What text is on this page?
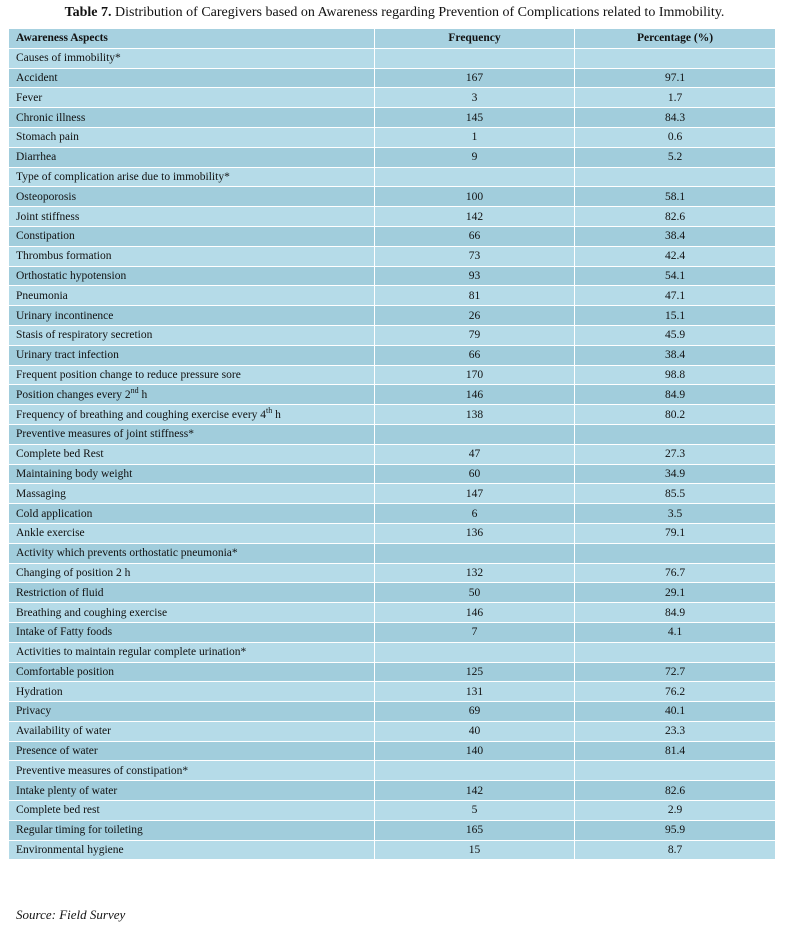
Table 7. Distribution of Caregivers based on Awareness regarding Prevention of Complications related to Immobility.
Awareness Aspects	Frequency	Percentage (%)
Causes of immobility*		
Accident	167	97.1
Fever	3	1.7
Chronic illness	145	84.3
Stomach pain	1	0.6
Diarrhea	9	5.2
Type of complication arise due to immobility*		
Osteoporosis	100	58.1
Joint stiffness	142	82.6
Constipation	66	38.4
Thrombus formation	73	42.4
Orthostatic hypotension	93	54.1
Pneumonia	81	47.1
Urinary incontinence	26	15.1
Stasis of respiratory secretion	79	45.9
Urinary tract infection	66	38.4
Frequent position change to reduce pressure sore	170	98.8
Position changes every 2nd h	146	84.9
Frequency of breathing and coughing exercise every 4th h	138	80.2
Preventive measures of joint stiffness*		
Complete bed Rest	47	27.3
Maintaining body weight	60	34.9
Massaging	147	85.5
Cold application	6	3.5
Ankle exercise	136	79.1
Activity which prevents orthostatic pneumonia*		
Changing of position 2 h	132	76.7
Restriction of fluid	50	29.1
Breathing and coughing exercise	146	84.9
Intake of Fatty foods	7	4.1
Activities to maintain regular complete urination*		
Comfortable position	125	72.7
Hydration	131	76.2
Privacy	69	40.1
Availability of water	40	23.3
Presence of water	140	81.4
Preventive measures of constipation*		
Intake plenty of water	142	82.6
Complete bed rest	5	2.9
Regular timing for toileting	165	95.9
Environmental hygiene	15	8.7
Source: Field Survey
